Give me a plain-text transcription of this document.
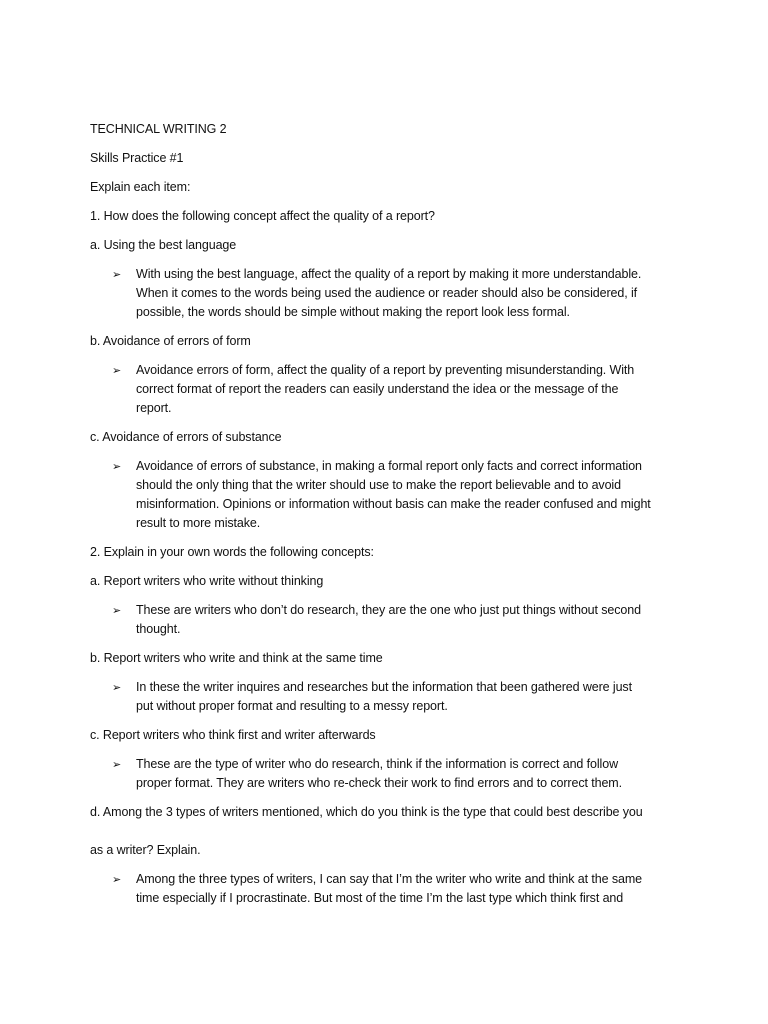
TECHNICAL WRITING 2

Skills Practice #1

Explain each item:

1. How does the following concept affect the quality of a report?

a. Using the best language

➢ With using the best language, affect the quality of a report by making it more understandable.
When it comes to the words being used the audience or reader should also be considered, if
possible, the words should be simple without making the report look less formal.

b. Avoidance of errors of form

➢ Avoidance errors of form, affect the quality of a report by preventing misunderstanding. With
correct format of report the readers can easily understand the idea or the message of the
report.

c. Avoidance of errors of substance

➢ Avoidance of errors of substance, in making a formal report only facts and correct information
should the only thing that the writer should use to make the report believable and to avoid
misinformation. Opinions or information without basis can make the reader confused and might
result to more mistake.

2. Explain in your own words the following concepts:

a. Report writers who write without thinking

➢ These are writers who don’t do research, they are the one who just put things without second
thought.

b. Report writers who write and think at the same time

➢ In these the writer inquires and researches but the information that been gathered were just
put without proper format and resulting to a messy report.

c. Report writers who think first and writer afterwards

➢ These are the type of writer who do research, think if the information is correct and follow
proper format. They are writers who re-check their work to find errors and to correct them.

d. Among the 3 types of writers mentioned, which do you think is the type that could best describe you

as a writer? Explain.

➢ Among the three types of writers, I can say that I’m the writer who write and think at the same
time especially if I procrastinate. But most of the time I’m the last type which think first and
